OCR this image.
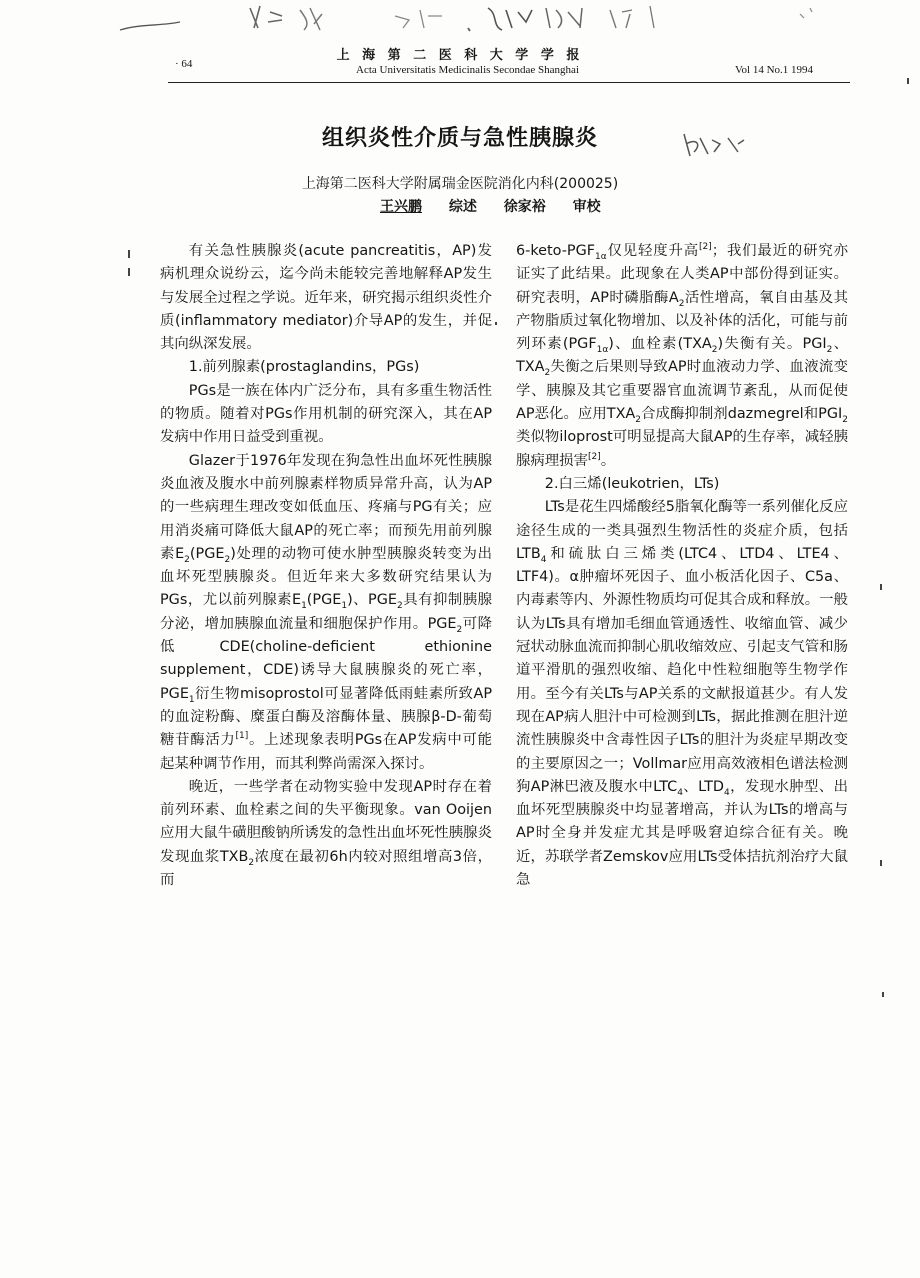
上 海 第 二 医 科 大 学 学 报
· 64	Acta Universitatis Medicinalis Secondae Shanghai	Vol 14 No.1 1994
组织炎性介质与急性胰腺炎
上海第二医科大学附属瑞金医院消化内科(200025)
王兴鹏 综述 徐家裕 审校

有关急性胰腺炎(acute pancreatitis，AP)发病机理众说纷云，迄今尚未能较完善地解释AP发生与发展全过程之学说。近年来，研究揭示组织炎性介质(inflammatory mediator)介导AP的发生，并促其向纵深发展。

1.前列腺素(prostaglandins，PGs)

PGs是一族在体内广泛分布，具有多重生物活性的物质。随着对PGs作用机制的研究深入，其在AP发病中作用日益受到重视。

Glazer于1976年发现在狗急性出血坏死性胰腺炎血液及腹水中前列腺素样物质异常升高，认为AP的一些病理生理改变如低血压、疼痛与PG有关；应用消炎痛可降低大鼠AP的死亡率；而预先用前列腺素$E_2(PGE_2)$处理的动物可使水肿型胰腺炎转变为出血坏死型胰腺炎。但近年来大多数研究结果认为PGs，尤以前列腺素$E_1(PGE_1)$、$PGE_2$具有抑制胰腺分泌，增加胰腺血流量和细胞保护作用。$PGE_2$可降低CDE(choline-deficient ethionine supplement，CDE)诱导大鼠胰腺炎的死亡率，$PGE_1$衍生物misoprostol可显著降低雨蛙素所致AP的血淀粉酶、糜蛋白酶及溶酶体量、胰腺β-D-葡萄糖苷酶活力[1]。上述现象表明PGs在AP发病中可能起某种调节作用，而其利弊尚需深入探讨。

晚近，一些学者在动物实验中发现AP时存在着前列环素、血栓素之间的失平衡现象。van Ooijen应用大鼠牛磺胆酸钠所诱发的急性出血坏死性胰腺炎发现血浆$TXB_2$浓度在最初6h内较对照组增高3倍，而

$6-keto-PGF_{1\alpha}$仅见轻度升高[2]；我们最近的研究亦证实了此结果。此现象在人类AP中部份得到证实。研究表明，AP时磷脂酶$A_2$活性增高，氧自由基及其产物脂质过氧化物增加、以及补体的活化，可能与前列环素$(PGF_{1\alpha})$、血栓素$(TXA_2)$失衡有关。$PGI_2$、$TXA_2$失衡之后果则导致AP时血液动力学、血液流变学、胰腺及其它重要器官血流调节紊乱，从而促使AP恶化。应用$TXA_2$合成酶抑制剂dazmegrel和$PGI_2$类似物iloprost可明显提高大鼠AP的生存率，减轻胰腺病理损害[2]。

2.白三烯(leukotrien，LTs)

LTs是花生四烯酸经5脂氧化酶等一系列催化反应途径生成的一类具强烈生物活性的炎症介质，包括$LTB_4$和硫肽白三烯类(LTC4、LTD4、LTE4、LTF4)。α肿瘤坏死因子、血小板活化因子、C5a、内毒素等内、外源性物质均可促其合成和释放。一般认为LTs具有增加毛细血管通透性、收缩血管、减少冠状动脉血流而抑制心肌收缩效应、引起支气管和肠道平滑肌的强烈收缩、趋化中性粒细胞等生物学作用。至今有关LTs与AP关系的文献报道甚少。有人发现在AP病人胆汁中可检测到LTs，据此推测在胆汁逆流性胰腺炎中含毒性因子LTs的胆汁为炎症早期改变的主要原因之一；Vollmar应用高效液相色谱法检测狗AP淋巴液及腹水中$LTC_4$、$LTD_4$，发现水肿型、出血坏死型胰腺炎中均显著增高，并认为LTs的增高与AP时全身并发症尤其是呼吸窘迫综合征有关。晚近，苏联学者Zemskov应用LTs受体拮抗剂治疗大鼠急
